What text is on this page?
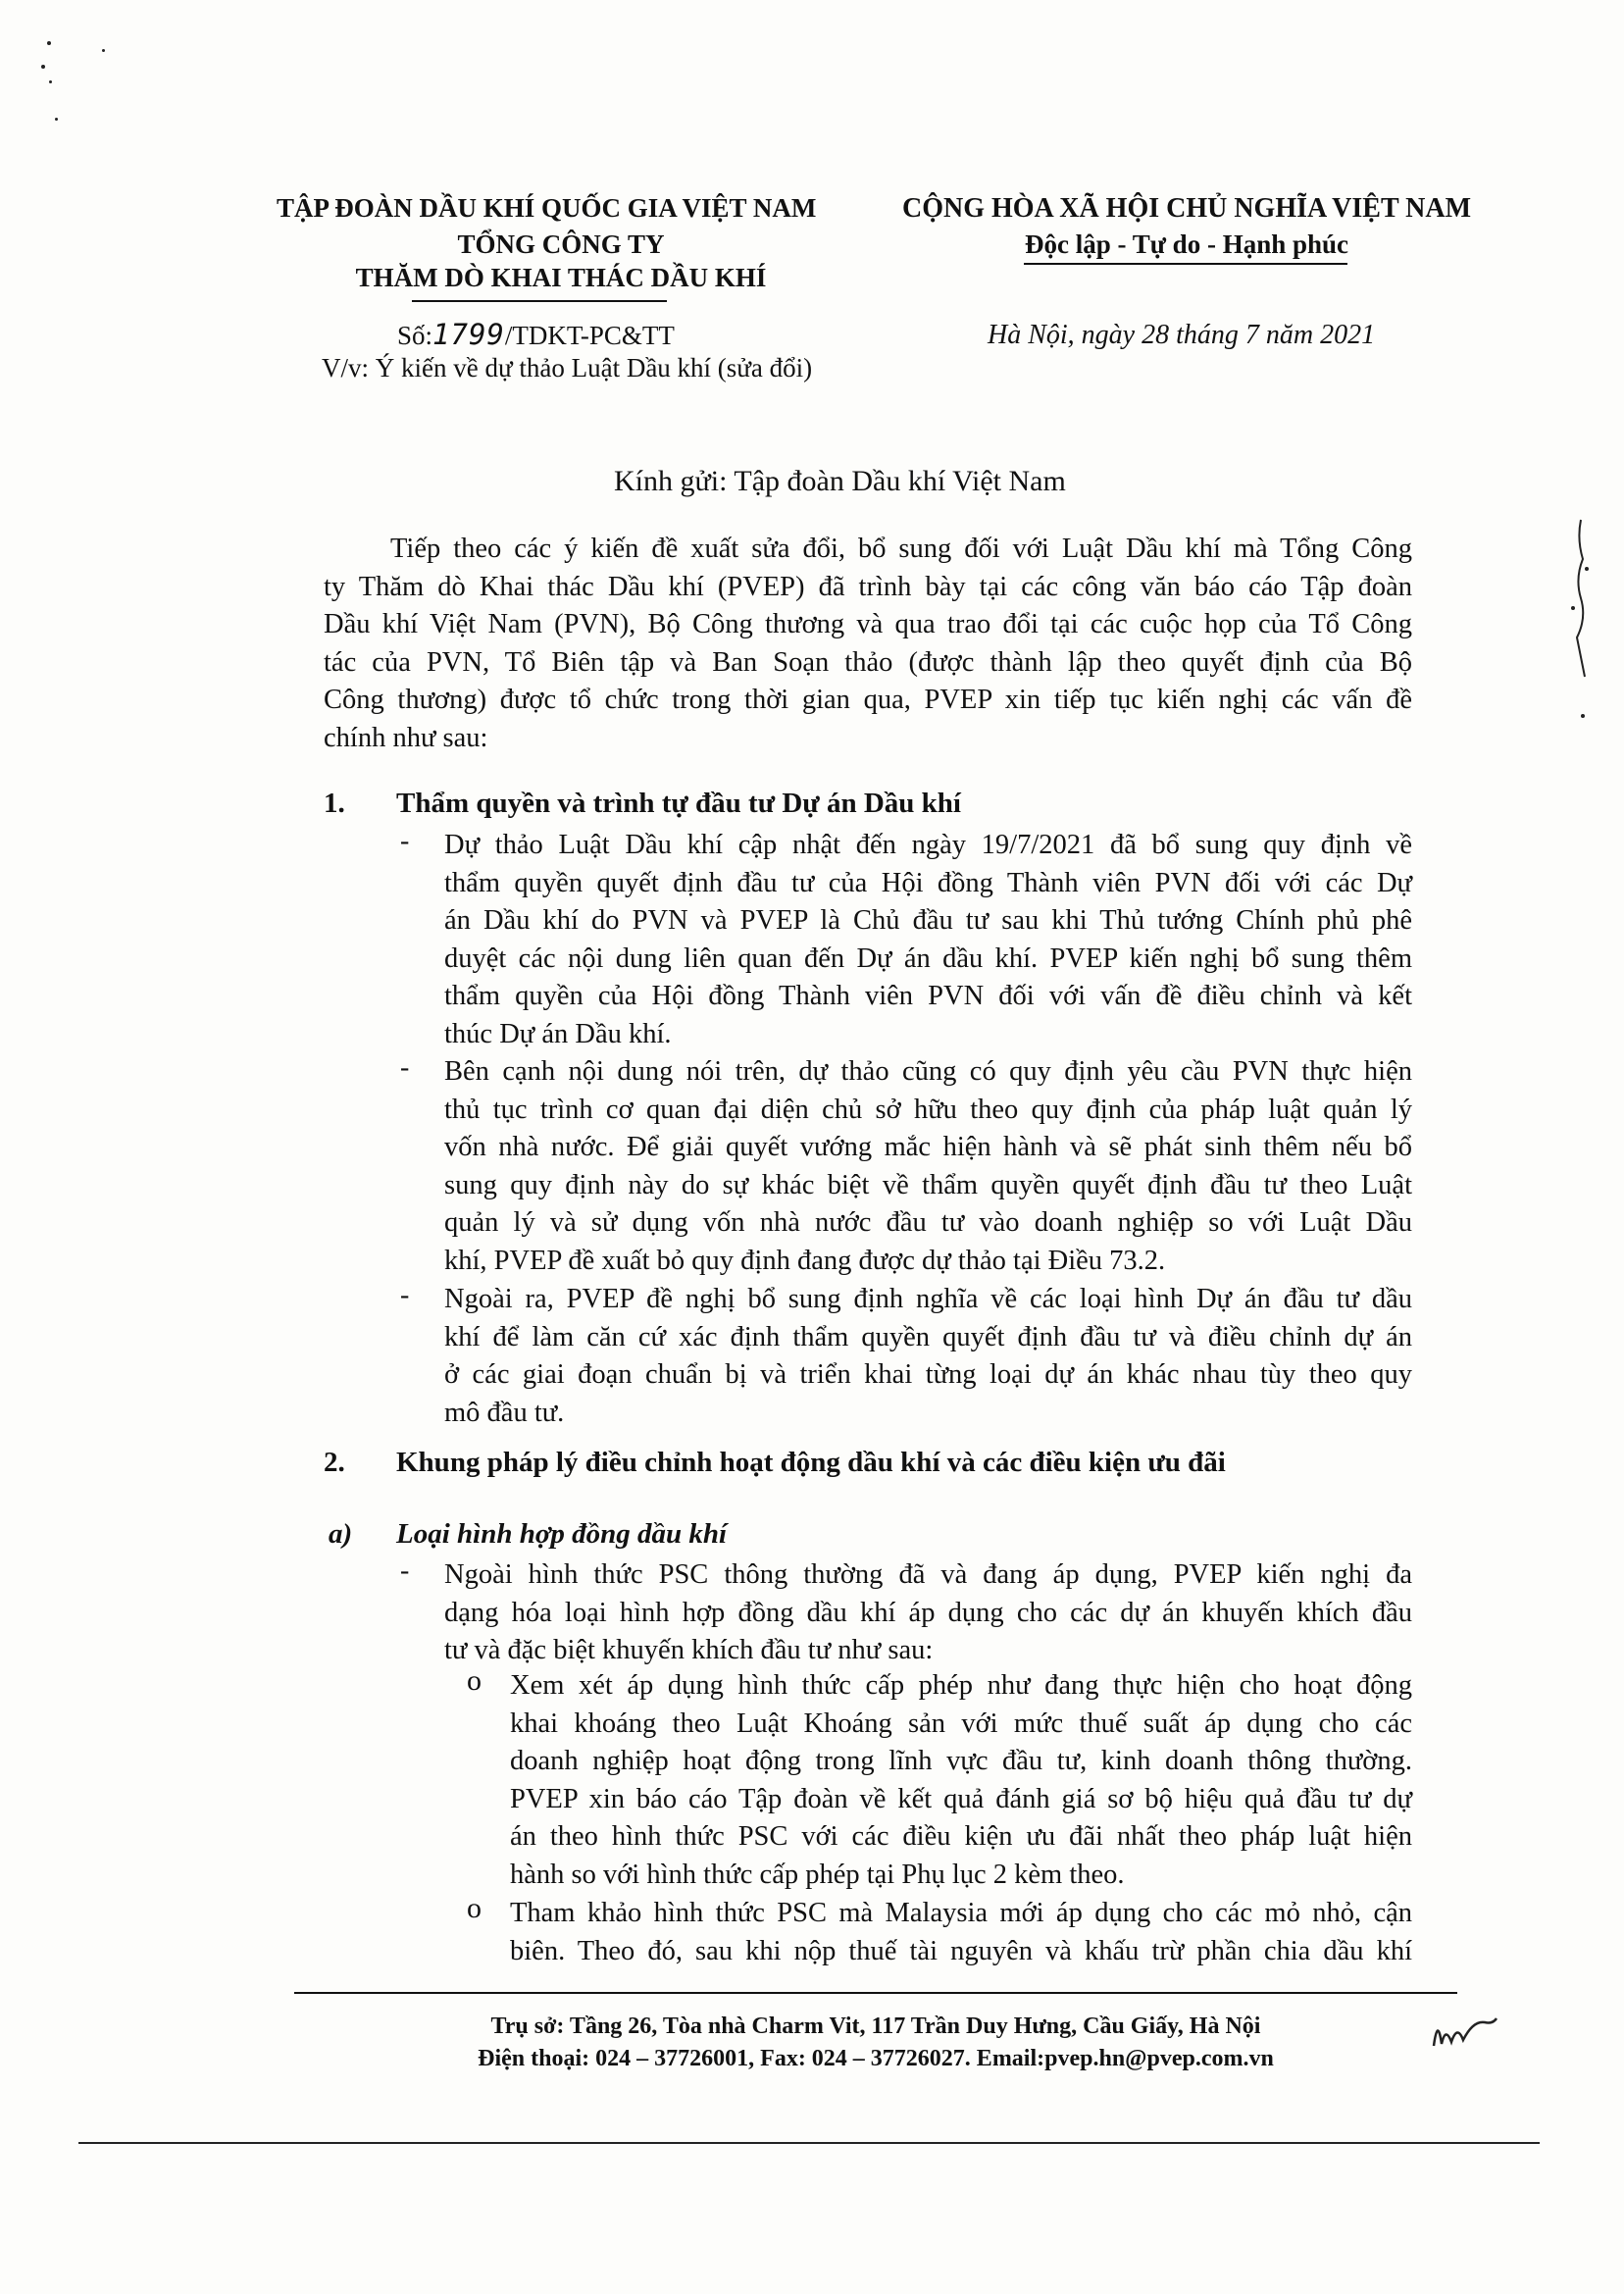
TẬP ĐOÀN DẦU KHÍ QUỐC GIA VIỆT NAM
TỔNG CÔNG TY
THĂM DÒ KHAI THÁC DẦU KHÍ
CỘNG HÒA XÃ HỘI CHỦ NGHĨA VIỆT NAM
Độc lập - Tự do - Hạnh phúc
Số:1799/TDKT-PC&TT
V/v: Ý kiến về dự thảo Luật Dầu khí (sửa đổi)
Hà Nội, ngày 28 tháng 7 năm 2021
Kính gửi: Tập đoàn Dầu khí Việt Nam
Tiếp theo các ý kiến đề xuất sửa đổi, bổ sung đối với Luật Dầu khí mà Tổng Công
ty Thăm dò Khai thác Dầu khí (PVEP) đã trình bày tại các công văn báo cáo Tập đoàn
Dầu khí Việt Nam (PVN), Bộ Công thương và qua trao đổi tại các cuộc họp của Tổ Công
tác của PVN, Tổ Biên tập và Ban Soạn thảo (được thành lập theo quyết định của Bộ
Công thương) được tổ chức trong thời gian qua, PVEP xin tiếp tục kiến nghị các vấn đề
chính như sau:
1. Thẩm quyền và trình tự đầu tư Dự án Dầu khí
- Dự thảo Luật Dầu khí cập nhật đến ngày 19/7/2021 đã bổ sung quy định về
thẩm quyền quyết định đầu tư của Hội đồng Thành viên PVN đối với các Dự
án Dầu khí do PVN và PVEP là Chủ đầu tư sau khi Thủ tướng Chính phủ phê
duyệt các nội dung liên quan đến Dự án dầu khí. PVEP kiến nghị bổ sung thêm
thẩm quyền của Hội đồng Thành viên PVN đối với vấn đề điều chỉnh và kết
thúc Dự án Dầu khí.
- Bên cạnh nội dung nói trên, dự thảo cũng có quy định yêu cầu PVN thực hiện
thủ tục trình cơ quan đại diện chủ sở hữu theo quy định của pháp luật quản lý
vốn nhà nước. Để giải quyết vướng mắc hiện hành và sẽ phát sinh thêm nếu bổ
sung quy định này do sự khác biệt về thẩm quyền quyết định đầu tư theo Luật
quản lý và sử dụng vốn nhà nước đầu tư vào doanh nghiệp so với Luật Dầu
khí, PVEP đề xuất bỏ quy định đang được dự thảo tại Điều 73.2.
- Ngoài ra, PVEP đề nghị bổ sung định nghĩa về các loại hình Dự án đầu tư dầu
khí để làm căn cứ xác định thẩm quyền quyết định đầu tư và điều chỉnh dự án
ở các giai đoạn chuẩn bị và triển khai từng loại dự án khác nhau tùy theo quy
mô đầu tư.
2. Khung pháp lý điều chỉnh hoạt động dầu khí và các điều kiện ưu đãi
a) Loại hình hợp đồng dầu khí
- Ngoài hình thức PSC thông thường đã và đang áp dụng, PVEP kiến nghị đa
dạng hóa loại hình hợp đồng dầu khí áp dụng cho các dự án khuyến khích đầu
tư và đặc biệt khuyến khích đầu tư như sau:
o Xem xét áp dụng hình thức cấp phép như đang thực hiện cho hoạt động
khai khoáng theo Luật Khoáng sản với mức thuế suất áp dụng cho các
doanh nghiệp hoạt động trong lĩnh vực đầu tư, kinh doanh thông thường.
PVEP xin báo cáo Tập đoàn về kết quả đánh giá sơ bộ hiệu quả đầu tư dự
án theo hình thức PSC với các điều kiện ưu đãi nhất theo pháp luật hiện
hành so với hình thức cấp phép tại Phụ lục 2 kèm theo.
o Tham khảo hình thức PSC mà Malaysia mới áp dụng cho các mỏ nhỏ, cận
biên. Theo đó, sau khi nộp thuế tài nguyên và khấu trừ phần chia dầu khí
Trụ sở: Tầng 26, Tòa nhà Charm Vit, 117 Trần Duy Hưng, Cầu Giấy, Hà Nội
Điện thoại: 024 – 37726001, Fax: 024 – 37726027. Email:pvep.hn@pvep.com.vn
